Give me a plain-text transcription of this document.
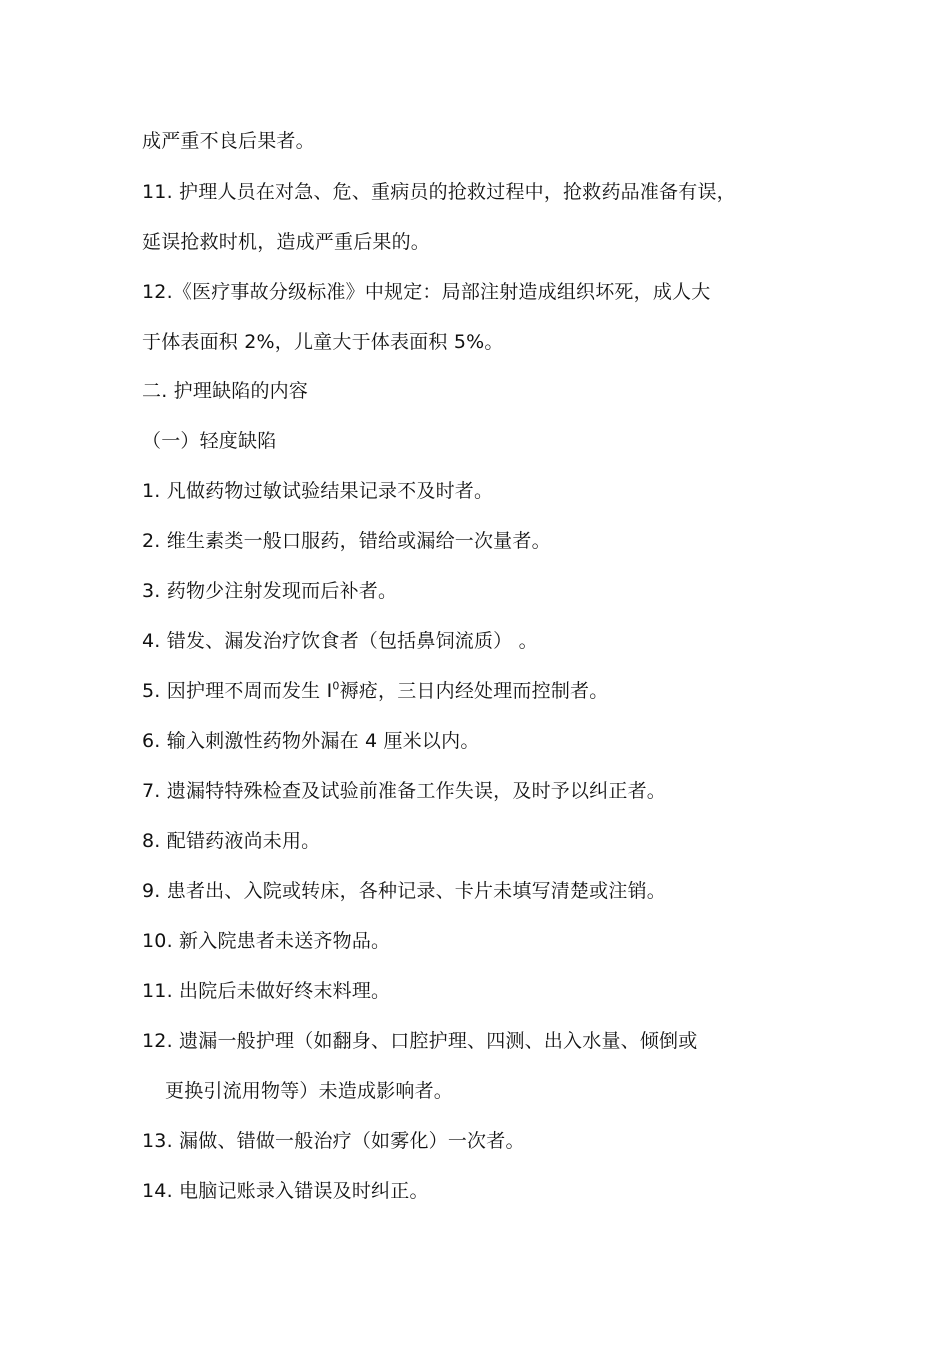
成严重不良后果者。
11. 护理人员在对急、危、重病员的抢救过程中，抢救药品准备有误，
延误抢救时机，造成严重后果的。
12.《医疗事故分级标准》中规定：局部注射造成组织坏死，成人大
于体表面积 2%，儿童大于体表面积 5%。
二. 护理缺陷的内容
（一）轻度缺陷
1. 凡做药物过敏试验结果记录不及时者。
2. 维生素类一般口服药，错给或漏给一次量者。
3. 药物少注射发现而后补者。
4. 错发、漏发治疗饮食者（包括鼻饲流质） 。
5. 因护理不周而发生 Ⅰ$^0$褥疮，三日内经处理而控制者。
6. 输入刺激性药物外漏在 4 厘米以内。
7. 遗漏特特殊检查及试验前准备工作失误，及时予以纠正者。
8. 配错药液尚未用。
9. 患者出、入院或转床，各种记录、卡片未填写清楚或注销。
10. 新入院患者未送齐物品。
11. 出院后未做好终末料理。
12. 遗漏一般护理（如翻身、口腔护理、四测、出入水量、倾倒或
更换引流用物等）未造成影响者。
13. 漏做、错做一般治疗（如雾化）一次者。
14. 电脑记账录入错误及时纠正。
